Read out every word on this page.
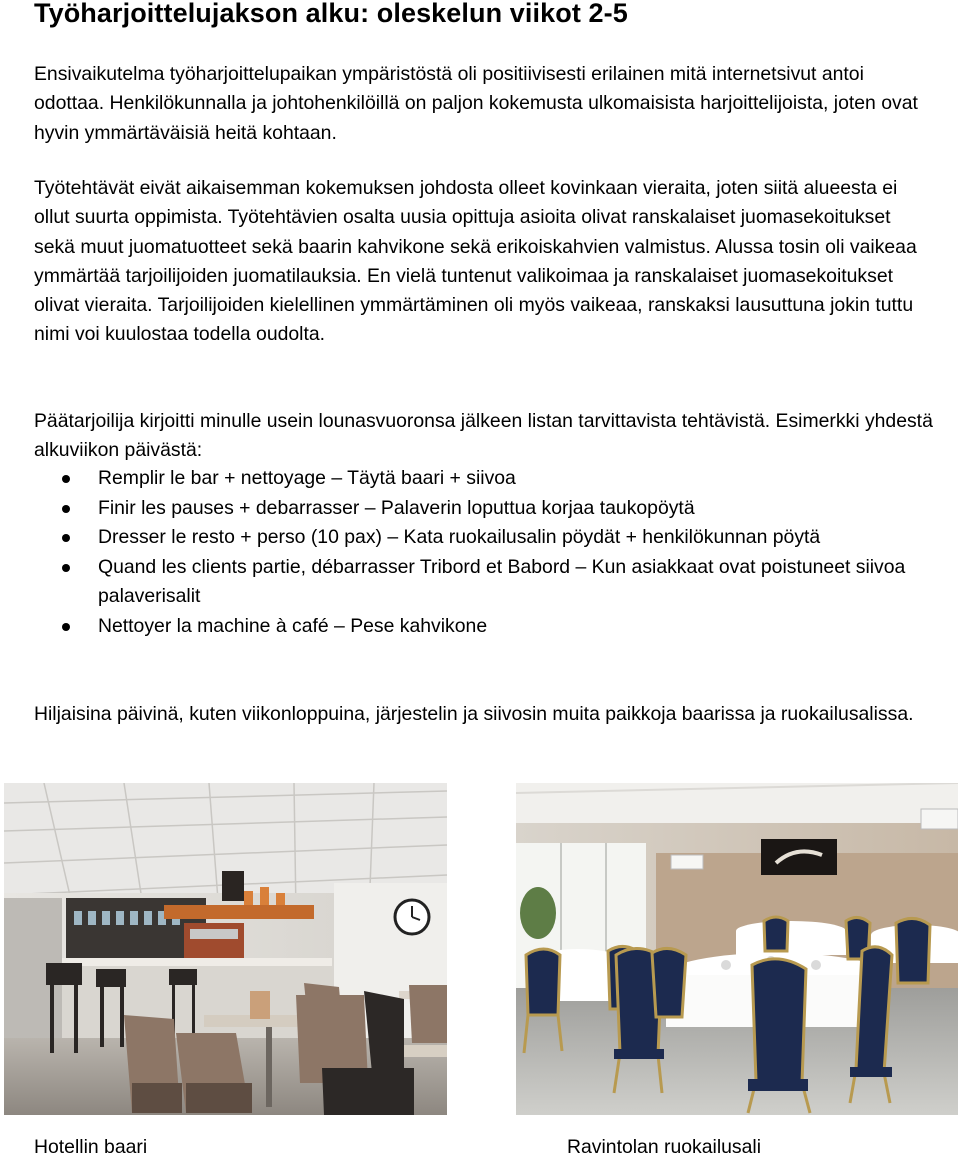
Työharjoittelujakson alku: oleskelun viikot 2-5

Ensivaikutelma työharjoittelupaikan ympäristöstä oli positiivisesti erilainen mitä internetsivut antoi odottaa. Henkilökunnalla ja johtohenkilöillä on paljon kokemusta ulkomaisista harjoittelijoista, joten ovat hyvin ymmärtäväisiä heitä kohtaan.

Työtehtävät eivät aikaisemman kokemuksen johdosta olleet kovinkaan vieraita, joten siitä alueesta ei ollut suurta oppimista. Työtehtävien osalta uusia opittuja asioita olivat ranskalaiset juomasekoitukset sekä muut juomatuotteet sekä baarin kahvikone sekä erikoiskahvien valmistus. Alussa tosin oli vaikeaa ymmärtää tarjoilijoiden juomatilauksia. En vielä tuntenut valikoimaa ja ranskalaiset juomasekoitukset olivat vieraita. Tarjoilijoiden kielellinen ymmärtäminen oli myös vaikeaa, ranskaksi lausuttuna jokin tuttu nimi voi kuulostaa todella oudolta.

Päätarjoilija kirjoitti minulle usein lounasvuoronsa jälkeen listan tarvittavista tehtävistä. Esimerkki yhdestä alkuviikon päivästä:

Remplir le bar + nettoyage – Täytä baari + siivoa
Finir les pauses + debarrasser – Palaverin loputtua korjaa taukopöytä
Dresser le resto + perso (10 pax) – Kata ruokailusalin pöydät + henkilökunnan pöytä
Quand les clients partie, débarrasser Tribord et Babord – Kun asiakkaat ovat poistuneet siivoa palaverisalit
Nettoyer la machine à café – Pese kahvikone

Hiljaisina päivinä, kuten viikonloppuina, järjestelin ja siivosin muita paikkoja baarissa ja ruokailusalissa.

Hotellin baari	Ravintolan ruokailusali
